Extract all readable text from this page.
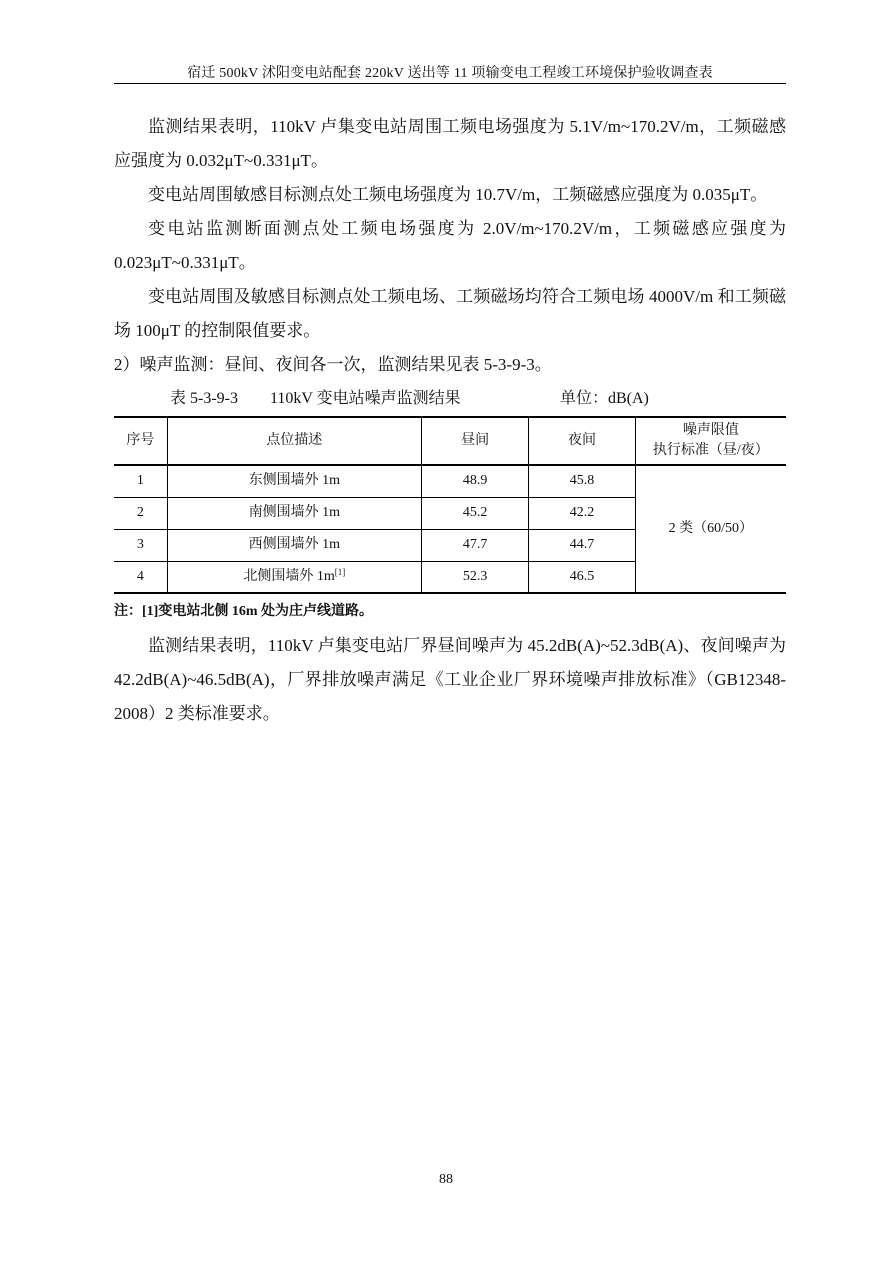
宿迁 500kV 沭阳变电站配套 220kV 送出等 11 项输变电工程竣工环境保护验收调查表

监测结果表明，110kV 卢集变电站周围工频电场强度为 5.1V/m~170.2V/m，工频磁感应强度为 0.032μT~0.331μT。

变电站周围敏感目标测点处工频电场强度为 10.7V/m，工频磁感应强度为 0.035μT。

变电站监测断面测点处工频电场强度为 2.0V/m~170.2V/m，工频磁感应强度为 0.023μT~0.331μT。

变电站周围及敏感目标测点处工频电场、工频磁场均符合工频电场 4000V/m 和工频磁场 100μT 的控制限值要求。

2）噪声监测：昼间、夜间各一次，监测结果见表 5-3-9-3。

表 5-3-9-3　　110kV 变电站噪声监测结果	单位：dB(A)
序号	点位描述	昼间	夜间	噪声限值
执行标准（昼/夜）

1	东侧围墙外 1m	48.9	45.8	2 类（60/50）
2	南侧围墙外 1m	45.2	42.2	
3	西侧围墙外 1m	47.7	44.7	
4	北侧围墙外 1m[1]	52.3	46.5	
注：[1]变电站北侧 16m 处为庄卢线道路。

监测结果表明，110kV 卢集变电站厂界昼间噪声为 45.2dB(A)~52.3dB(A)、夜间噪声为 42.2dB(A)~46.5dB(A)，厂界排放噪声满足《工业企业厂界环境噪声排放标准》（GB12348-2008）2 类标准要求。

88
